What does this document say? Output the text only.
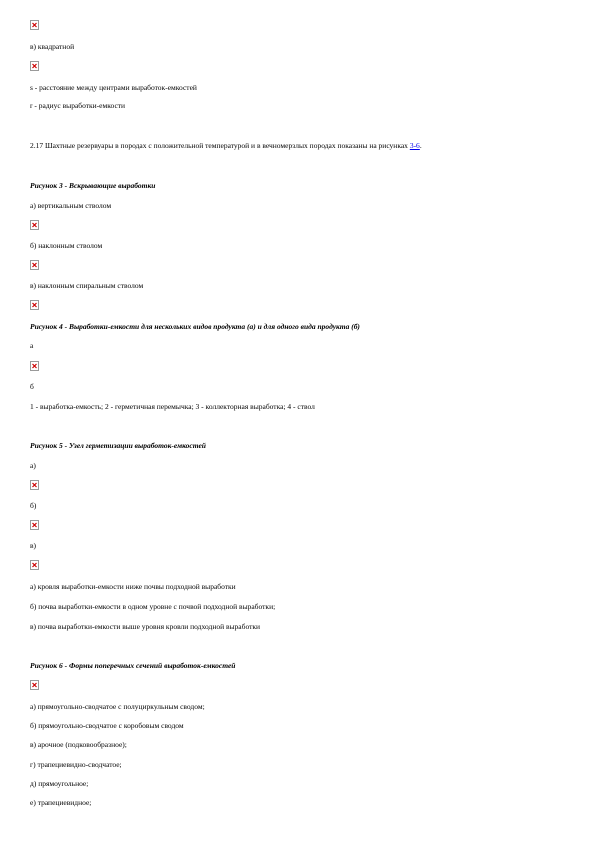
в) квадратной
s - расстояние между центрами выработок-емкостей
r - радиус выработки-емкости
2.17 Шахтные резервуары в породах с положительной температурой и в вечномерзлых породах показаны на рисунках 3-6.
Рисунок 3 - Вскрывающие выработки
а) вертикальным стволом
б) наклонным стволом
в) наклонным спиральным стволом
Рисунок 4 - Выработки-емкости для нескольких видов продукта (а) и для одного вида продукта (б)
а
б
1 - выработка-емкость; 2 - герметичная перемычка; 3 - коллекторная выработка; 4 - ствол
Рисунок 5 - Узел герметизации выработок-емкостей
а)
б)
в)
а) кровля выработки-емкости ниже почвы подходной выработки
б) почва выработки-емкости в одном уровне с почвой подходной выработки;
в) почва выработки-емкости выше уровня кровли подходной выработки
Рисунок 6 - Формы поперечных сечений выработок-емкостей
а) прямоугольно-сводчатое с полуциркульным сводом;
б) прямоугольно-сводчатое с коробовым сводом
в) арочное (подковообразное);
г) трапециевидно-сводчатое;
д) прямоугольное;
е) трапециевидное;
